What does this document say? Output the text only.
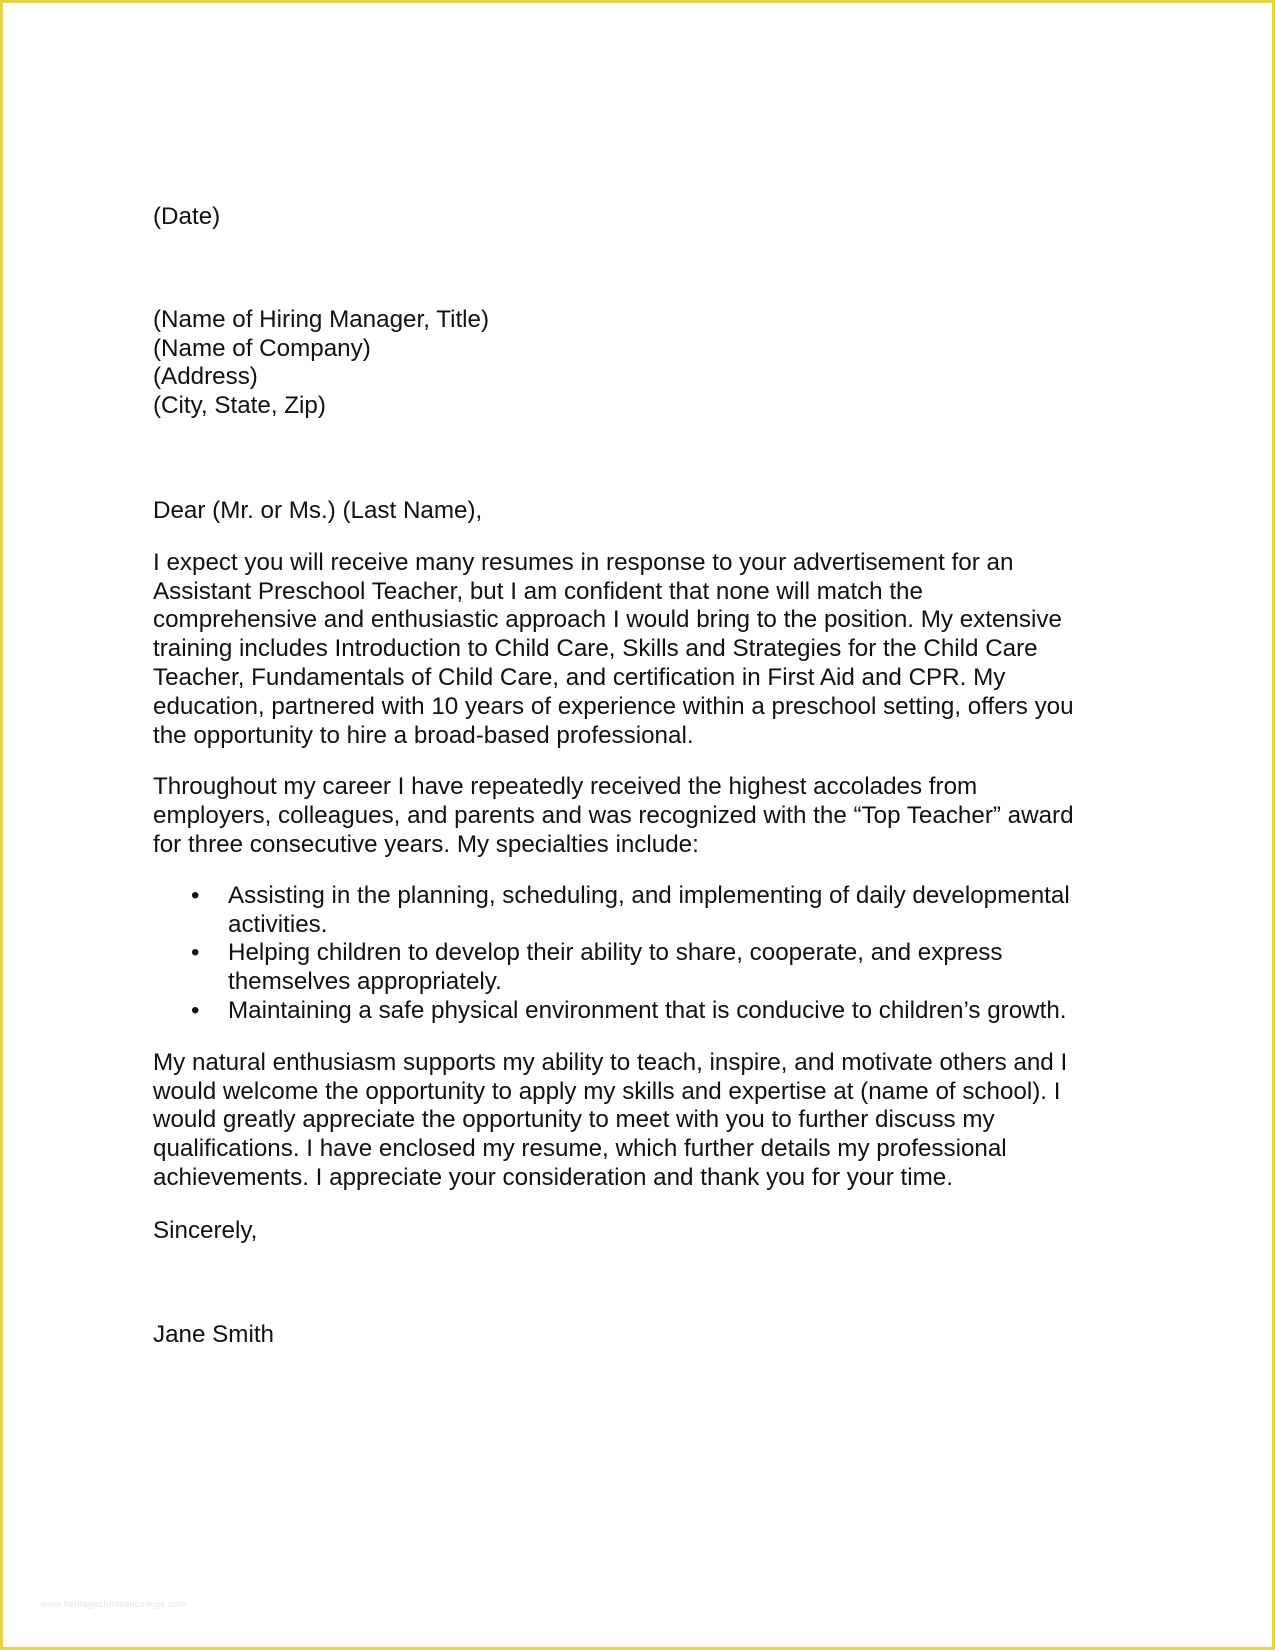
(Date)
(Name of Hiring Manager, Title)
(Name of Company)
(Address)
(City, State, Zip)
Dear (Mr. or Ms.) (Last Name),
I expect you will receive many resumes in response to your advertisement for an
Assistant Preschool Teacher, but I am confident that none will match the
comprehensive and enthusiastic approach I would bring to the position. My extensive
training includes Introduction to Child Care, Skills and Strategies for the Child Care
Teacher, Fundamentals of Child Care, and certification in First Aid and CPR. My
education, partnered with 10 years of experience within a preschool setting, offers you
the opportunity to hire a broad-based professional.
Throughout my career I have repeatedly received the highest accolades from
employers, colleagues, and parents and was recognized with the “Top Teacher” award
for three consecutive years. My specialties include:
• Assisting in the planning, scheduling, and implementing of daily developmental
activities.
• Helping children to develop their ability to share, cooperate, and express
themselves appropriately.
• Maintaining a safe physical environment that is conducive to children’s growth.
My natural enthusiasm supports my ability to teach, inspire, and motivate others and I
would welcome the opportunity to apply my skills and expertise at (name of school). I
would greatly appreciate the opportunity to meet with you to further discuss my
qualifications. I have enclosed my resume, which further details my professional
achievements. I appreciate your consideration and thank you for your time.
Sincerely,
Jane Smith
www.heritagechristiancollege.com
